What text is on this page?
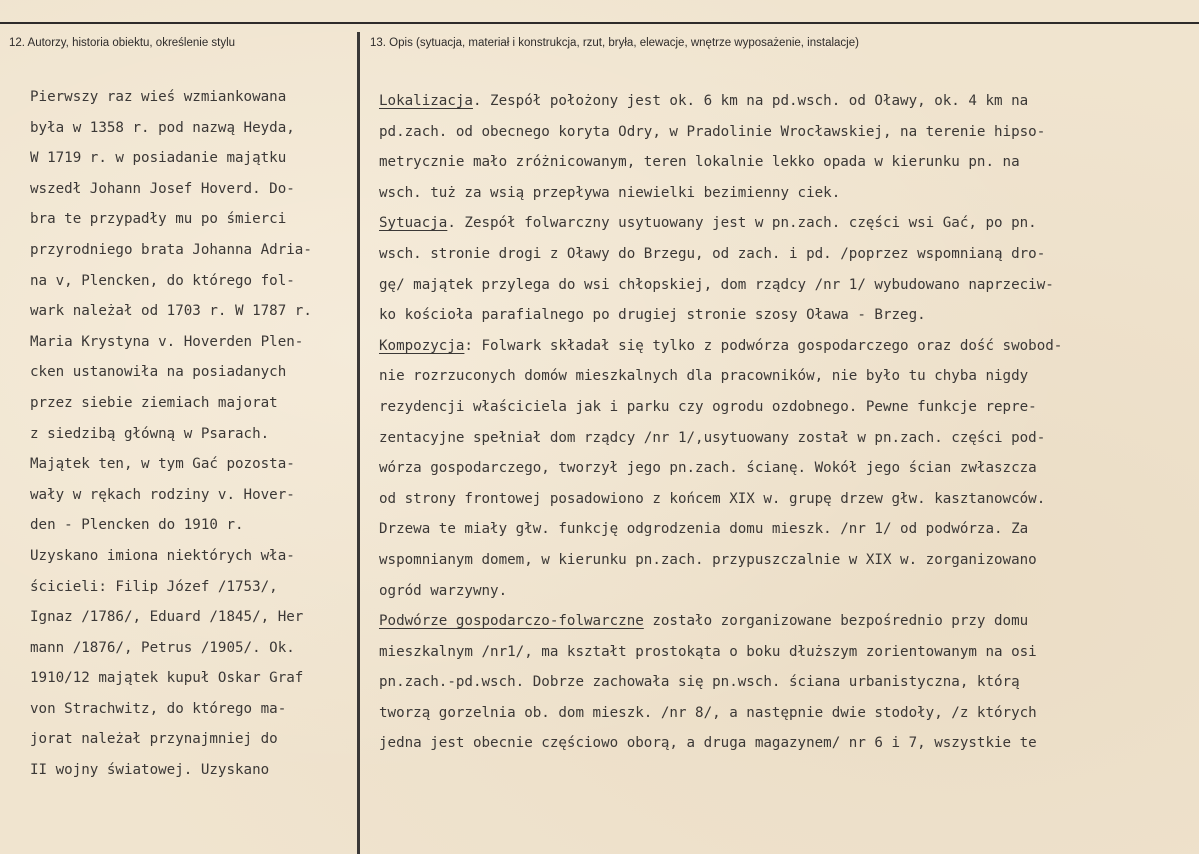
12. Autorzy, historia obiektu, określenie stylu	13. Opis (sytuacja, materiał i konstrukcja, rzut, bryła, elewacje, wnętrze wyposażenie, instalacje)
Pierwszy raz wieś wzmiankowana
była w 1358 r. pod nazwą Heyda,
W 1719 r. w posiadanie majątku
wszedł Johann Josef Hoverd. Do-
bra te przypadły mu po śmierci
przyrodniego brata Johanna Adria-
na v, Plencken, do którego fol-
wark należał od 1703 r. W 1787 r.
Maria Krystyna v. Hoverden Plen-
cken ustanowiła na posiadanych
przez siebie ziemiach majorat
z siedzibą główną w Psarach.
Majątek ten, w tym Gać pozosta-
wały w rękach rodziny v. Hover-
den - Plencken do 1910 r.
Uzyskano imiona niektórych wła-
ścicieli: Filip Józef /1753/,
Ignaz /1786/, Eduard /1845/, Her
mann /1876/, Petrus /1905/. Ok.
1910/12 majątek kupuł Oskar Graf
von Strachwitz, do którego ma-
jorat należał przynajmniej do
II wojny światowej. Uzyskano
Lokalizacja. Zespół położony jest ok. 6 km na pd.wsch. od Oławy, ok. 4 km na
pd.zach. od obecnego koryta Odry, w Pradolinie Wrocławskiej, na terenie hipso-
metrycznie mało zróżnicowanym, teren lokalnie lekko opada w kierunku pn. na
wsch. tuż za wsią przepływa niewielki bezimienny ciek.
Sytuacja. Zespół folwarczny usytuowany jest w pn.zach. części wsi Gać, po pn.
wsch. stronie drogi z Oławy do Brzegu, od zach. i pd. /poprzez wspomnianą dro-
gę/ majątek przylega do wsi chłopskiej, dom rządcy /nr 1/ wybudowano naprzeciw-
ko kościoła parafialnego po drugiej stronie szosy Oława - Brzeg.
Kompozycja: Folwark składał się tylko z podwórza gospodarczego oraz dość swobod-
nie rozrzuconych domów mieszkalnych dla pracowników, nie było tu chyba nigdy
rezydencji właściciela jak i parku czy ogrodu ozdobnego. Pewne funkcje repre-
zentacyjne spełniał dom rządcy /nr 1/,usytuowany został w pn.zach. części pod-
wórza gospodarczego, tworzył jego pn.zach. ścianę. Wokół jego ścian zwłaszcza
od strony frontowej posadowiono z końcem XIX w. grupę drzew głw. kasztanowców.
Drzewa te miały głw. funkcję odgrodzenia domu mieszk. /nr 1/ od podwórza. Za
wspomnianym domem, w kierunku pn.zach. przypuszczalnie w XIX w. zorganizowano
ogród warzywny.
Podwórze gospodarczo-folwarczne zostało zorganizowane bezpośrednio przy domu
mieszkalnym /nr1/, ma kształt prostokąta o boku dłuższym zorientowanym na osi
pn.zach.-pd.wsch. Dobrze zachowała się pn.wsch. ściana urbanistyczna, którą
tworzą gorzelnia ob. dom mieszk. /nr 8/, a następnie dwie stodoły, /z których
jedna jest obecnie częściowo oborą, a druga magazynem/ nr 6 i 7, wszystkie te
